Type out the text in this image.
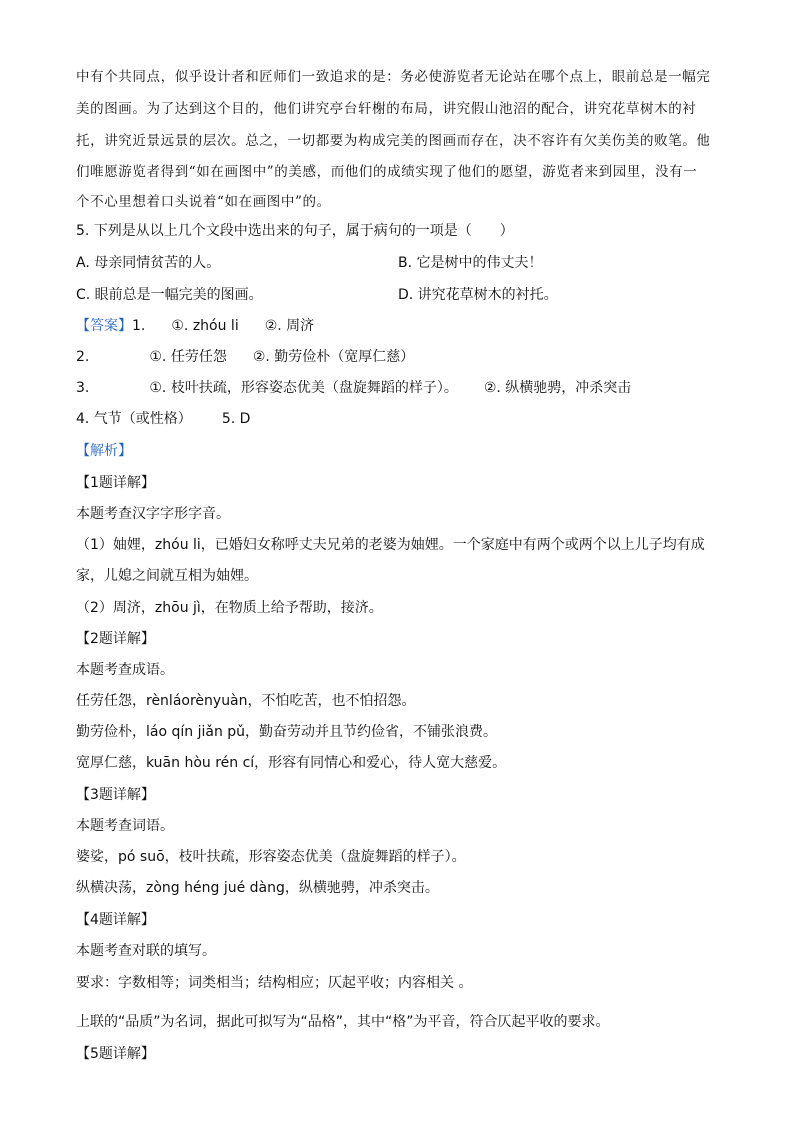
中有个共同点，似乎设计者和匠师们一致追求的是：务必使游览者无论站在哪个点上，眼前总是一幅完
美的图画。为了达到这个目的，他们讲究亭台轩榭的布局，讲究假山池沼的配合，讲究花草树木的衬
托，讲究近景远景的层次。总之，一切都要为构成完美的图画而存在，决不容许有欠美伤美的败笔。他
们唯愿游览者得到“如在画图中”的美感，而他们的成绩实现了他们的愿望，游览者来到园里，没有一
个不心里想着口头说着“如在画图中”的。
5. 下列是从以上几个文段中选出来的句子，属于病句的一项是（　　）
A. 母亲同情贫苦的人。	B. 它是树中的伟丈夫！
C. 眼前总是一幅完美的图画。	D. 讲究花草树木的衬托。
【答案】1. ①. zhóu li ②. 周济
2.	①. 任劳任怨 ②. 勤劳俭朴（宽厚仁慈）
3.	①. 枝叶扶疏，形容姿态优美（盘旋舞蹈的样子）。 ②. 纵横驰骋，冲杀突击
4. 气节（或性格） 5. D
【解析】
【1题详解】
本题考查汉字字形字音。
（1）妯娌，zhóu li，已婚妇女称呼丈夫兄弟的老婆为妯娌。一个家庭中有两个或两个以上儿子均有成
家，儿媳之间就互相为妯娌。
（2）周济，zhōu jì，在物质上给予帮助，接济。
【2题详解】
本题考查成语。
任劳任怨，rènláorènyuàn，不怕吃苦，也不怕招怨。
勤劳俭朴，láo qín jiǎn pǔ，勤奋劳动并且节约俭省，不铺张浪费。
宽厚仁慈，kuān hòu rén cí，形容有同情心和爱心，待人宽大慈爱。
【3题详解】
本题考查词语。
婆娑，pó suō，枝叶扶疏，形容姿态优美（盘旋舞蹈的样子）。
纵横决荡，zòng héng jué dàng，纵横驰骋，冲杀突击。
【4题详解】
本题考查对联的填写。
要求：字数相等；词类相当；结构相应；仄起平收；内容相关 。
上联的“品质”为名词，据此可拟写为“品格”，其中“格”为平音，符合仄起平收的要求。
【5题详解】
